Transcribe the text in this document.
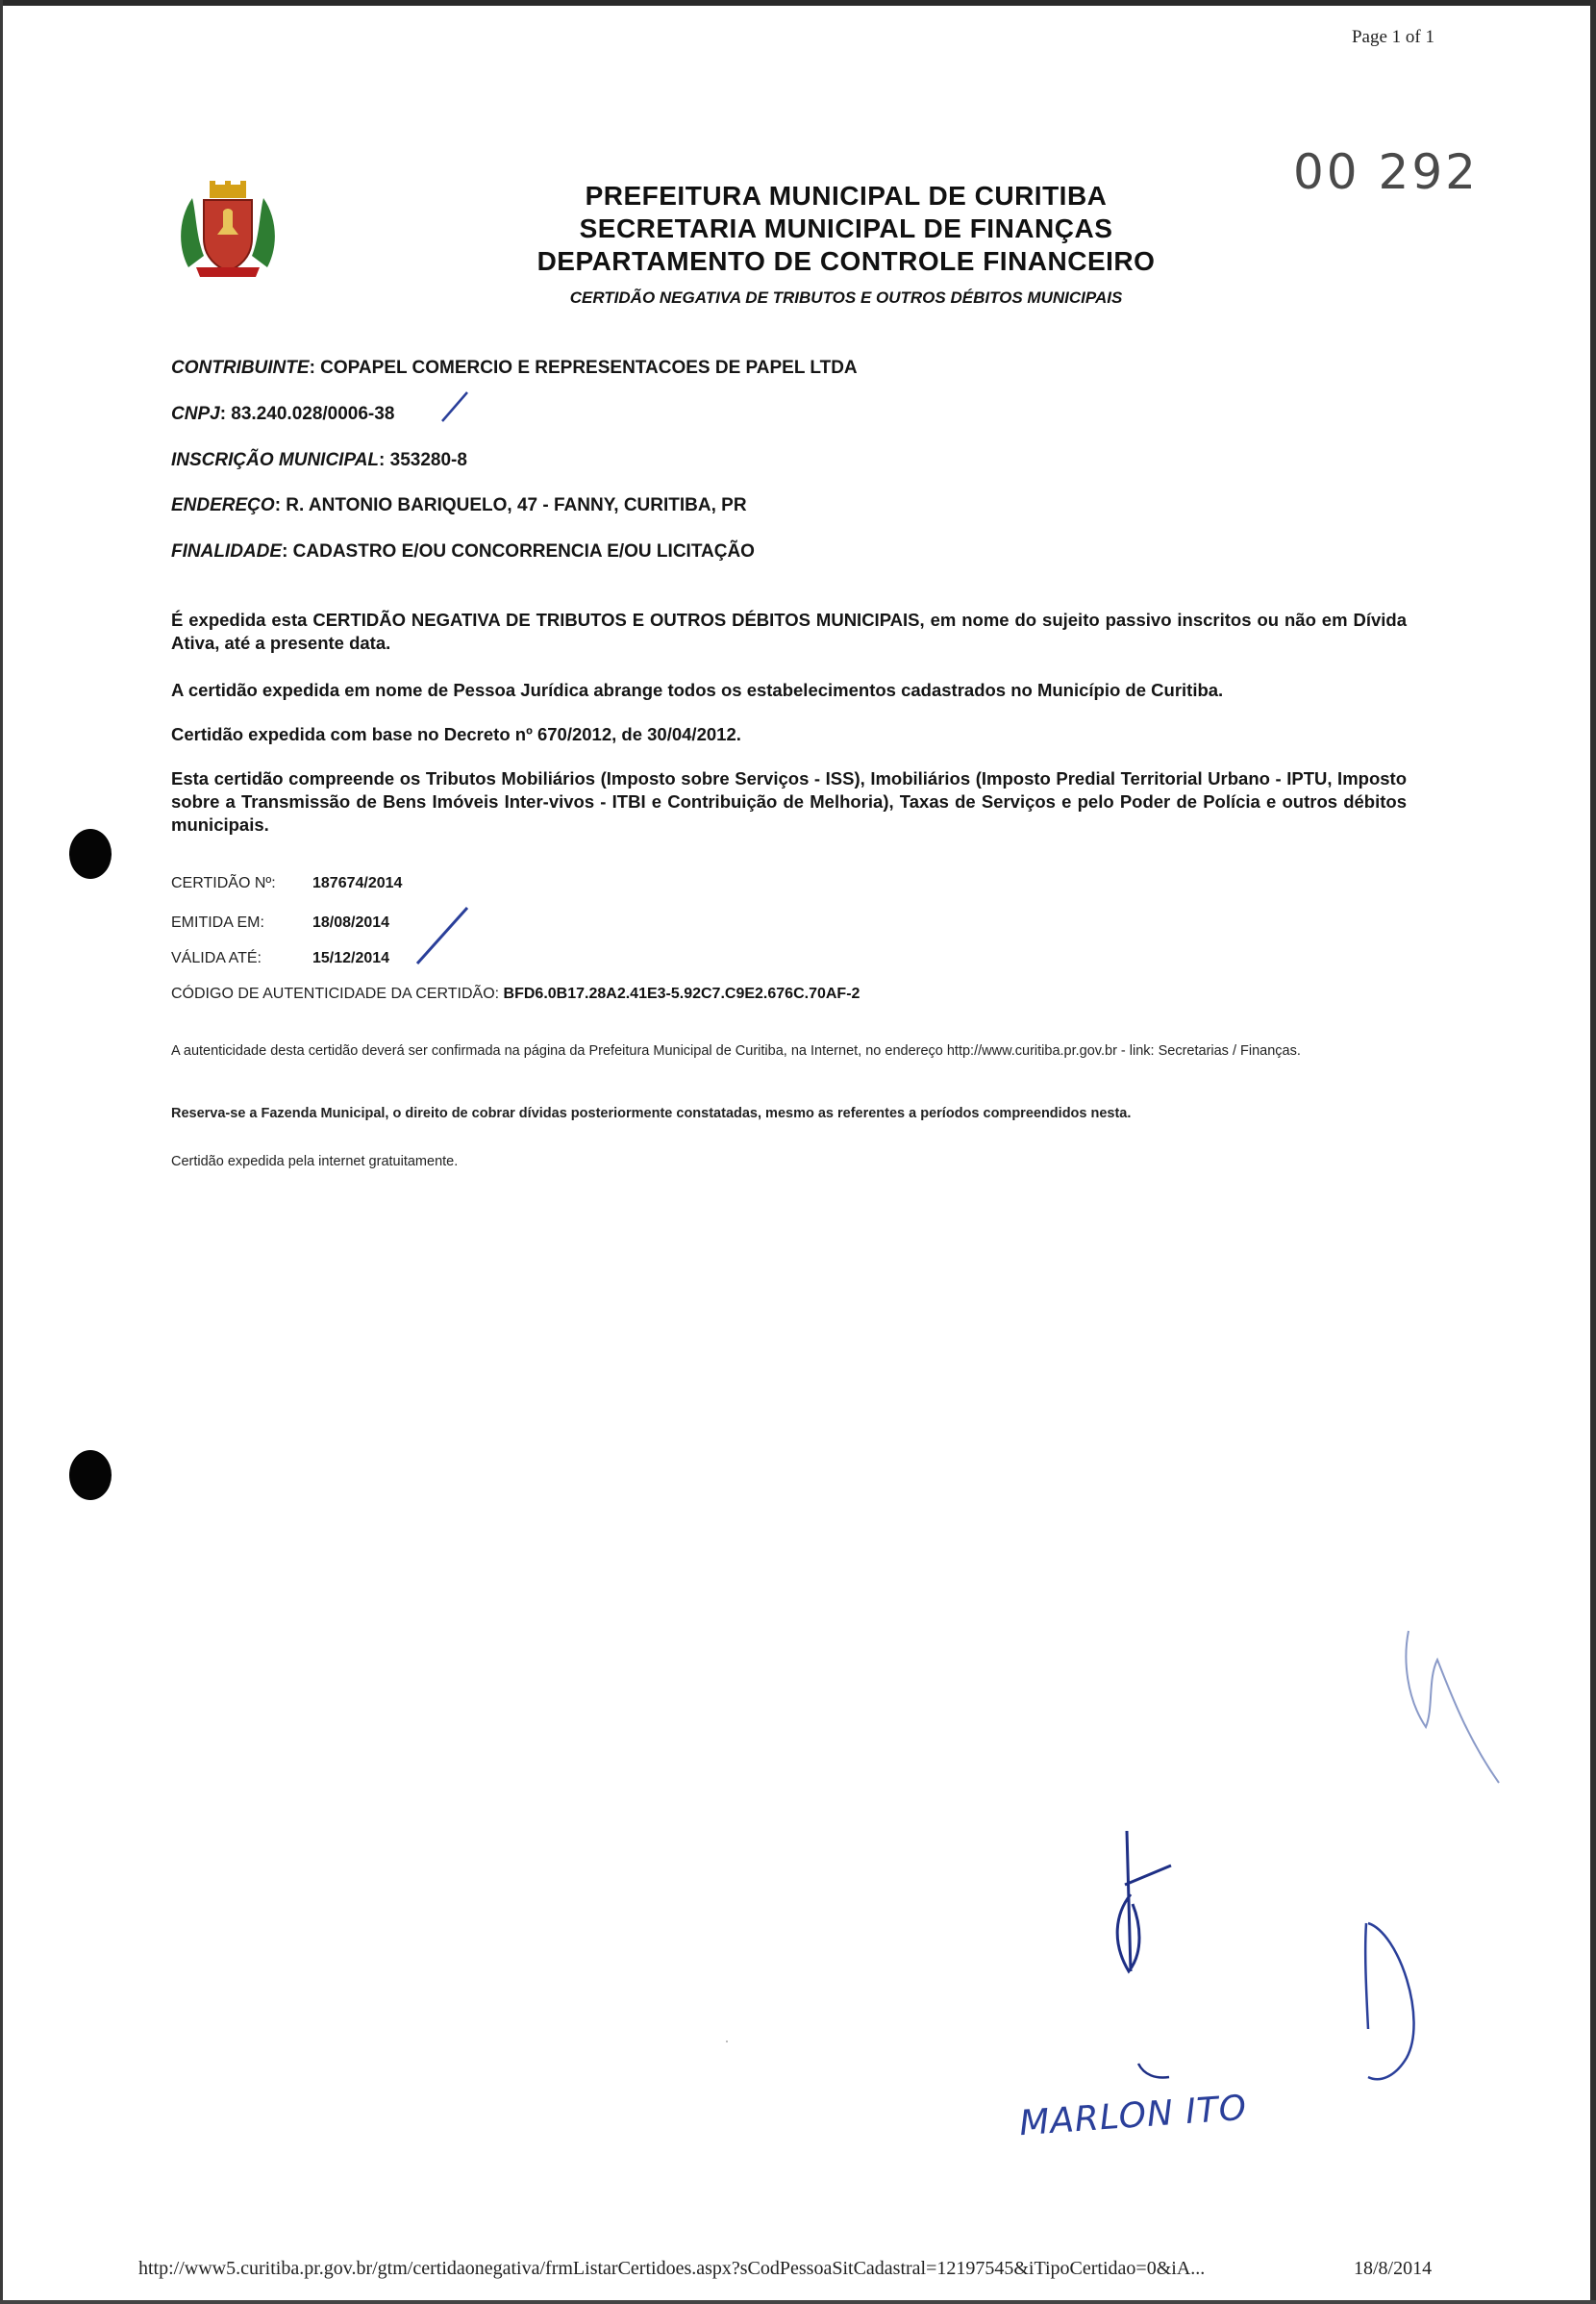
Page 1 of 1
00 292
PREFEITURA MUNICIPAL DE CURITIBA
SECRETARIA MUNICIPAL DE FINANÇAS
DEPARTAMENTO DE CONTROLE FINANCEIRO
CERTIDÃO NEGATIVA DE TRIBUTOS E OUTROS DÉBITOS MUNICIPAIS
CONTRIBUINTE: COPAPEL COMERCIO E REPRESENTACOES DE PAPEL LTDA
CNPJ: 83.240.028/0006-38
INSCRIÇÃO MUNICIPAL: 353280-8
ENDEREÇO: R. ANTONIO BARIQUELO, 47 - FANNY, CURITIBA, PR
FINALIDADE: CADASTRO E/OU CONCORRENCIA E/OU LICITAÇÃO
É expedida esta CERTIDÃO NEGATIVA DE TRIBUTOS E OUTROS DÉBITOS MUNICIPAIS, em nome do sujeito passivo inscritos ou não em Dívida Ativa, até a presente data.
A certidão expedida em nome de Pessoa Jurídica abrange todos os estabelecimentos cadastrados no Município de Curitiba.
Certidão expedida com base no Decreto nº 670/2012, de 30/04/2012.
Esta certidão compreende os Tributos Mobiliários (Imposto sobre Serviços - ISS), Imobiliários (Imposto Predial Territorial Urbano - IPTU, Imposto sobre a Transmissão de Bens Imóveis Inter-vivos - ITBI e Contribuição de Melhoria), Taxas de Serviços e pelo Poder de Polícia e outros débitos municipais.
CERTIDÃO Nº: 187674/2014
EMITIDA EM:	18/08/2014
VÁLIDA ATÉ:	15/12/2014
CÓDIGO DE AUTENTICIDADE DA CERTIDÃO: BFD6.0B17.28A2.41E3-5.92C7.C9E2.676C.70AF-2
A autenticidade desta certidão deverá ser confirmada na página da Prefeitura Municipal de Curitiba, na Internet, no endereço http://www.curitiba.pr.gov.br - link: Secretarias / Finanças.
Reserva-se a Fazenda Municipal, o direito de cobrar dívidas posteriormente constatadas, mesmo as referentes a períodos compreendidos nesta.
Certidão expedida pela internet gratuitamente.
MARLON ITO
http://www5.curitiba.pr.gov.br/gtm/certidaonegativa/frmListarCertidoes.aspx?sCodPessoaSitCadastral=12197545&iTipoCertidao=0&iA...	18/8/2014
